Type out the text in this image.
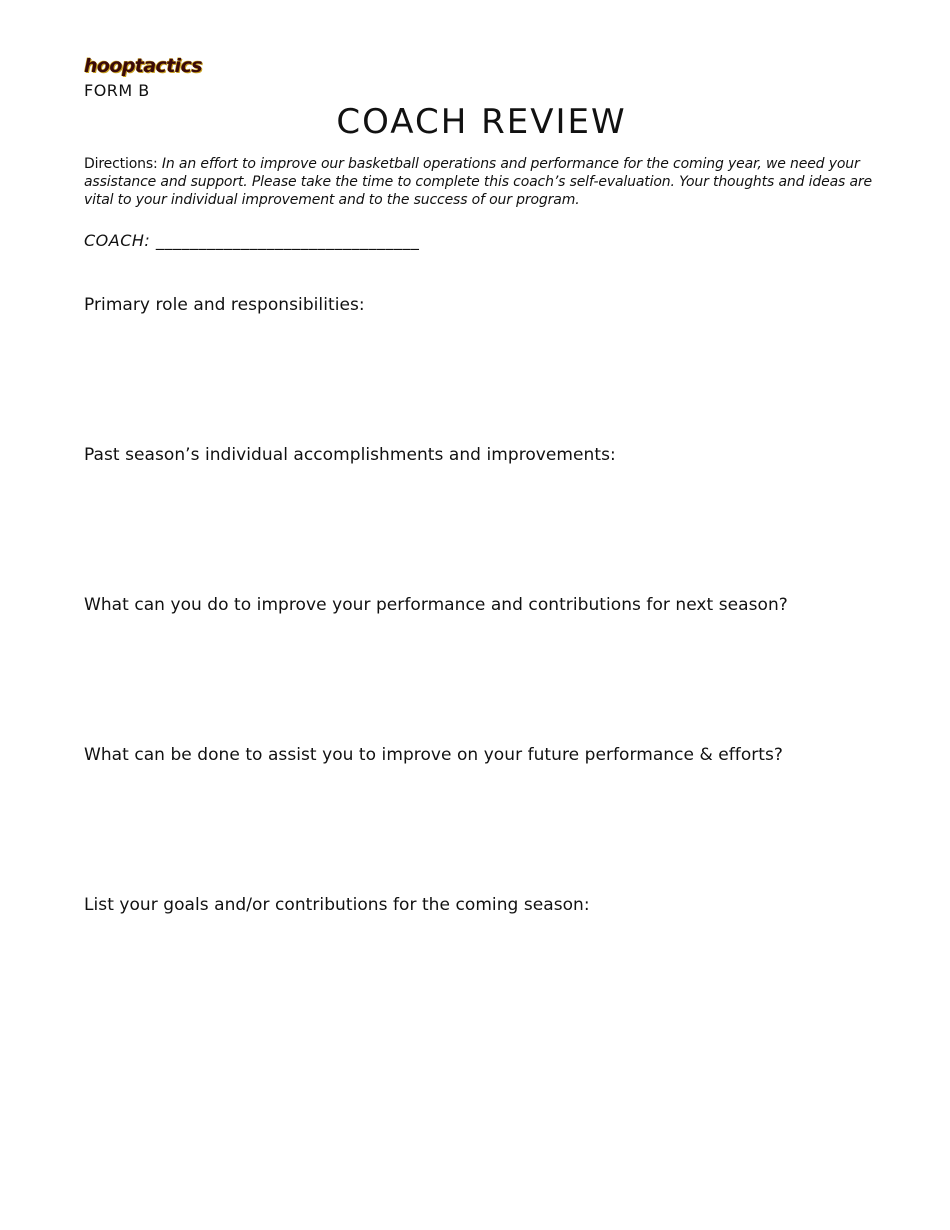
hooptactics
FORM B
COACH REVIEW
Directions: In an effort to improve our basketball operations and performance for the coming year, we need your assistance and support. Please take the time to complete this coach’s self-evaluation. Your thoughts and ideas are vital to your individual improvement and to the success of our program.
COACH: _______________________________
Primary role and responsibilities:
Past season’s individual accomplishments and improvements:
What can you do to improve your performance and contributions for next season?
What can be done to assist you to improve on your future performance & efforts?
List your goals and/or contributions for the coming season:
